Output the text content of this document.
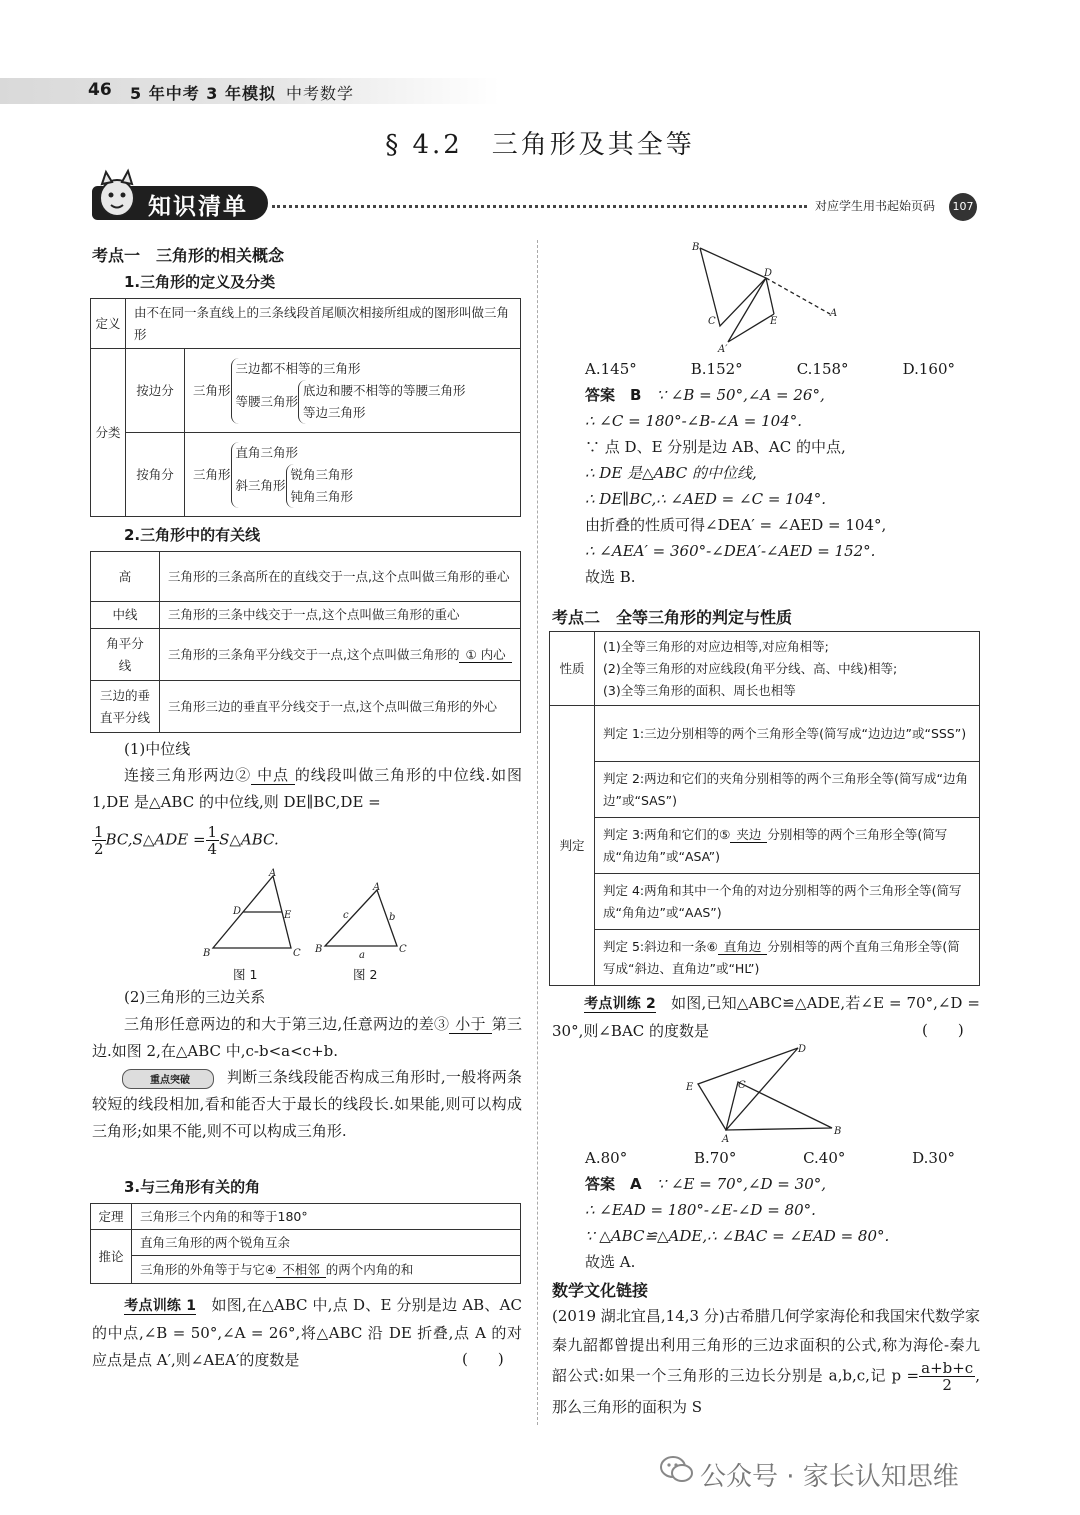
46 5 年中考 3 年模拟 中考数学
§ 4.2　三角形及其全等
知识清单	对应学生用书起始页码	107
考点一　三角形的相关概念
1.三角形的定义及分类
定义	由不在同一条直线上的三条线段首尾顺次相接所组成的图形叫做三角形	
分类	按边分	三角形
三边都不相等的三角形
等腰三角形
底边和腰不相等的等腰三角形
等边三角形

	按角分	三角形
直角三角形
斜三角形
锐角三角形
钝角三角形
2.三角形中的有关线
高	三角形的三条高所在的直线交于一点,这个点叫做三角形的垂心
中线	三角形的三条中线交于一点,这个点叫做三角形的重心
角平分线	三角形的三条角平分线交于一点,这个点叫做三角形的 ① 内心
三边的垂直平分线	三角形三边的垂直平分线交于一点,这个点叫做三角形的外心
(1)中位线
连接三角形两边② 中点 的线段叫做三角形的中位线.如图 1,DE 是△ABC 的中位线,则 DE∥BC,DE =
$\frac{1}{2}$ BC,S△ADE = $\frac{1}{4}$ S△ABC.
A
B	C
D	E
A
B	C
a
b
c
图 1	图 2
(2)三角形的三边关系
三角形任意两边的和大于第三边,任意两边的差③ 小于 第三边.如图 2,在△ABC 中,c-b<a<c+b.
重点突破	判断三条线段能否构成三角形时,一般将两条较短的线段相加,看和能否大于最长的线段长.如果能,则可以构成三角形;如果不能,则不可以构成三角形.
3.与三角形有关的角
定理	三角形三个内角的和等于180°
推论	直角三角形的两个锐角互余
	三角形的外角等于与它④ 不相邻 的两个内角的和
考点训练 1　 如图,在△ABC 中,点 D、E 分别是边 AB、AC 的中点,∠B = 50°,∠A = 26°,将△ABC 沿 DE 折叠,点 A 的对应点是点 A′,则∠AEA′的度数是	(　　)
B
D
A
C	E
A′
A.145°	B.152°	C.158°	D.160°
答案　 B　 ∵ ∠B = 50°,∠A = 26°,
∴ ∠C = 180°-∠B-∠A = 104°.
∵ 点 D、E 分别是边 AB、AC 的中点,
∴ DE 是△ABC 的中位线,
∴ DE∥BC,∴ ∠AED = ∠C = 104°.
由折叠的性质可得∠DEA′ = ∠AED = 104°,
∴ ∠AEA′ = 360°-∠DEA′-∠AED = 152°.
故选 B.
考点二　全等三角形的判定与性质
性质	(1)全等三角形的对应边相等,对应角相等;
(2)全等三角形的对应线段(角平分线、高、中线)相等;
(3)全等三角形的面积、周长也相等

判定	判定 1:三边分别相等的两个三角形全等(简写成“边边边”或“SSS”)
	判定 2:两边和它们的夹角分别相等的两个三角形全等(简写成“边角边”或“SAS”)
	判定 3:两角和它们的⑤ 夹边 分别相等的两个三角形全等(简写成“角边角”或“ASA”)
	判定 4:两角和其中一个角的对边分别相等的两个三角形全等(简写成“角角边”或“AAS”)
	判定 5:斜边和一条⑥ 直角边 分别相等的两个直角三角形全等(简写成“斜边、直角边”或“HL”)
考点训练 2　 如图,已知△ABC≌△ADE,若∠E = 70°,∠D = 30°,则∠BAC 的度数是	(　　)
D
E	C
A
B
A.80°	B.70°	C.40°	D.30°
答案　 A　 ∵ ∠E = 70°,∠D = 30°,
∴ ∠EAD = 180°-∠E-∠D = 80°.
∵ △ABC≌△ADE,∴ ∠BAC = ∠EAD = 80°.
故选 A.
数学文化链接
(2019 湖北宜昌,14,3 分)古希腊几何学家海伦和我国宋代数学家秦九韶都曾提出利用三角形的三边求面积的公式,称为海伦-秦九韶公式:如果一个三角形的三边长分别是 a,b,c,记 $p = \frac{a+b+c}{2}$ ,那么三角形的面积为 S
公众号 · 家长认知思维
